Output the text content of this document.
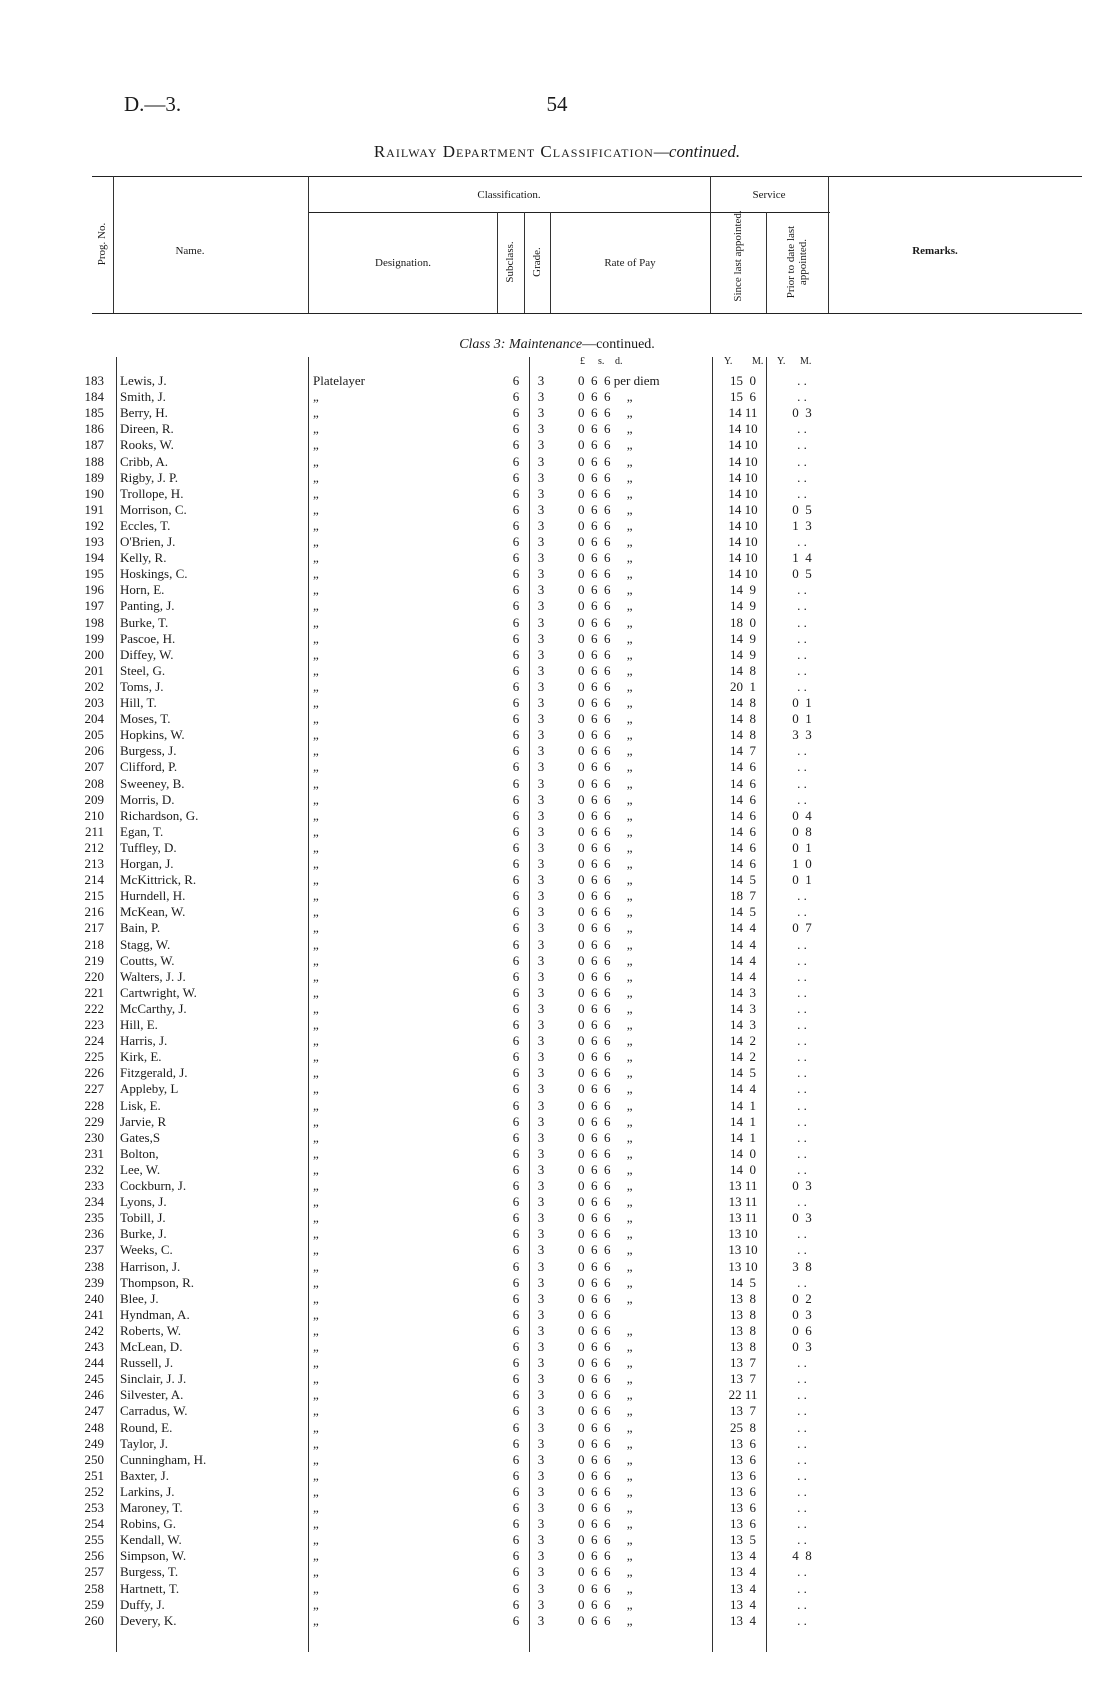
D.—3.	54
Railway Department Classification—continued.
Prog. No.	Name.
Classification.
Designation.	Subclass. Grade.	Rate of Pay
Service
Since last appointed.	Prior to date last appointed.	Remarks.
Class 3: Maintenance—continued.
£ s. d.	Y. M. Y. M.
183 Lewis, J.	Platelayer	6	3	0  6  6 per diem	15  0	. .
184 Smith, J.	„	6	3	0  6  6     „	15  6	. .
185 Berry, H.	„	6	3	0  6  6     „	14 11	0  3
186 Direen, R.	„	6	3	0  6  6     „	14 10	. .
187 Rooks, W.	„	6	3	0  6  6     „	14 10	. .
188 Cribb, A.	„	6	3	0  6  6     „	14 10	. .
189 Rigby, J. P.	„	6	3	0  6  6     „	14 10	. .
190 Trollope, H.	„	6	3	0  6  6     „	14 10	. .
191 Morrison, C.	„	6	3	0  6  6     „	14 10	0  5
192 Eccles, T.	„	6	3	0  6  6     „	14 10	1  3
193 O'Brien, J.	„	6	3	0  6  6     „	14 10	. .
194 Kelly, R.	„	6	3	0  6  6     „	14 10	1  4
195 Hoskings, C.	„	6	3	0  6  6     „	14 10	0  5
196 Horn, E.	„	6	3	0  6  6     „	14  9	. .
197 Panting, J.	„	6	3	0  6  6     „	14  9	. .
198 Burke, T.	„	6	3	0  6  6     „	18  0	. .
199 Pascoe, H.	„	6	3	0  6  6     „	14  9	. .
200 Diffey, W.	„	6	3	0  6  6     „	14  9	. .
201 Steel, G.	„	6	3	0  6  6     „	14  8	. .
202 Toms, J.	„	6	3	0  6  6     „	20  1	. .
203 Hill, T.	„	6	3	0  6  6     „	14  8	0  1
204 Moses, T.	„	6	3	0  6  6     „	14  8	0  1
205 Hopkins, W.	„	6	3	0  6  6     „	14  8	3  3
206 Burgess, J.	„	6	3	0  6  6     „	14  7	. .
207 Clifford, P.	„	6	3	0  6  6     „	14  6	. .
208 Sweeney, B.	„	6	3	0  6  6     „	14  6	. .
209 Morris, D.	„	6	3	0  6  6     „	14  6	. .
210 Richardson, G.	„	6	3	0  6  6     „	14  6	0  4
211 Egan, T.	„	6	3	0  6  6     „	14  6	0  8
212 Tuffley, D.	„	6	3	0  6  6     „	14  6	0  1
213 Horgan, J.	„	6	3	0  6  6     „	14  6	1  0
214 McKittrick, R.	„	6	3	0  6  6     „	14  5	0  1
215 Hurndell, H.	„	6	3	0  6  6     „	18  7	. .
216 McKean, W.	„	6	3	0  6  6     „	14  5	. .
217 Bain, P.	„	6	3	0  6  6     „	14  4	0  7
218 Stagg, W.	„	6	3	0  6  6     „	14  4	. .
219 Coutts, W.	„	6	3	0  6  6     „	14  4	. .
220 Walters, J. J.	„	6	3	0  6  6     „	14  4	. .
221 Cartwright, W.	„	6	3	0  6  6     „	14  3	. .
222 McCarthy, J.	„	6	3	0  6  6     „	14  3	. .
223 Hill, E.	„	6	3	0  6  6     „	14  3	. .
224 Harris, J.	„	6	3	0  6  6     „	14  2	. .
225 Kirk, E.	„	6	3	0  6  6     „	14  2	. .
226 Fitzgerald, J.	„	6	3	0  6  6     „	14  5	. .
227 Appleby, L	„	6	3	0  6  6     „	14  4	. .
228 Lisk, E.	„	6	3	0  6  6     „	14  1	. .
229 Jarvie, R	„	6	3	0  6  6     „	14  1	. .
230 Gates,S	„	6	3	0  6  6     „	14  1	. .
231 Bolton,	„	6	3	0  6  6     „	14  0	. .
232 Lee, W.	„	6	3	0  6  6     „	14  0	. .
233 Cockburn, J.	„	6	3	0  6  6     „	13 11	0  3
234 Lyons, J.	„	6	3	0  6  6     „	13 11	. .
235 Tobill, J.	„	6	3	0  6  6     „	13 11	0  3
236 Burke, J.	„	6	3	0  6  6     „	13 10	. .
237 Weeks, C.	„	6	3	0  6  6     „	13 10	. .
238 Harrison, J.	„	6	3	0  6  6     „	13 10	3  8
239 Thompson, R.	„	6	3	0  6  6     „	14  5	. .
240 Blee, J.	„	6	3	0  6  6     „	13  8	0  2
241 Hyndman, A.	„	6	3	0  6  6	13  8	0  3
242 Roberts, W.	„	6	3	0  6  6     „	13  8	0  6
243 McLean, D.	„	6	3	0  6  6     „	13  8	0  3
244 Russell, J.	„	6	3	0  6  6     „	13  7	. .
245 Sinclair, J. J.	„	6	3	0  6  6     „	13  7	. .
246 Silvester, A.	„	6	3	0  6  6     „	22 11	. .
247 Carradus, W.	„	6	3	0  6  6     „	13  7	. .
248 Round, E.	„	6	3	0  6  6     „	25  8	. .
249 Taylor, J.	„	6	3	0  6  6     „	13  6	. .
250 Cunningham, H.	„	6	3	0  6  6     „	13  6	. .
251 Baxter, J.	„	6	3	0  6  6     „	13  6	. .
252 Larkins, J.	„	6	3	0  6  6     „	13  6	. .
253 Maroney, T.	„	6	3	0  6  6     „	13  6	. .
254 Robins, G.	„	6	3	0  6  6     „	13  6	. .
255 Kendall, W.	„	6	3	0  6  6     „	13  5	. .
256 Simpson, W.	„	6	3	0  6  6     „	13  4	4  8
257 Burgess, T.	„	6	3	0  6  6     „	13  4	. .
258 Hartnett, T.	„	6	3	0  6  6     „	13  4	. .
259 Duffy, J.	„	6	3	0  6  6     „	13  4	. .
260 Devery, K.	„	6	3	0  6  6     „	13  4	. .
